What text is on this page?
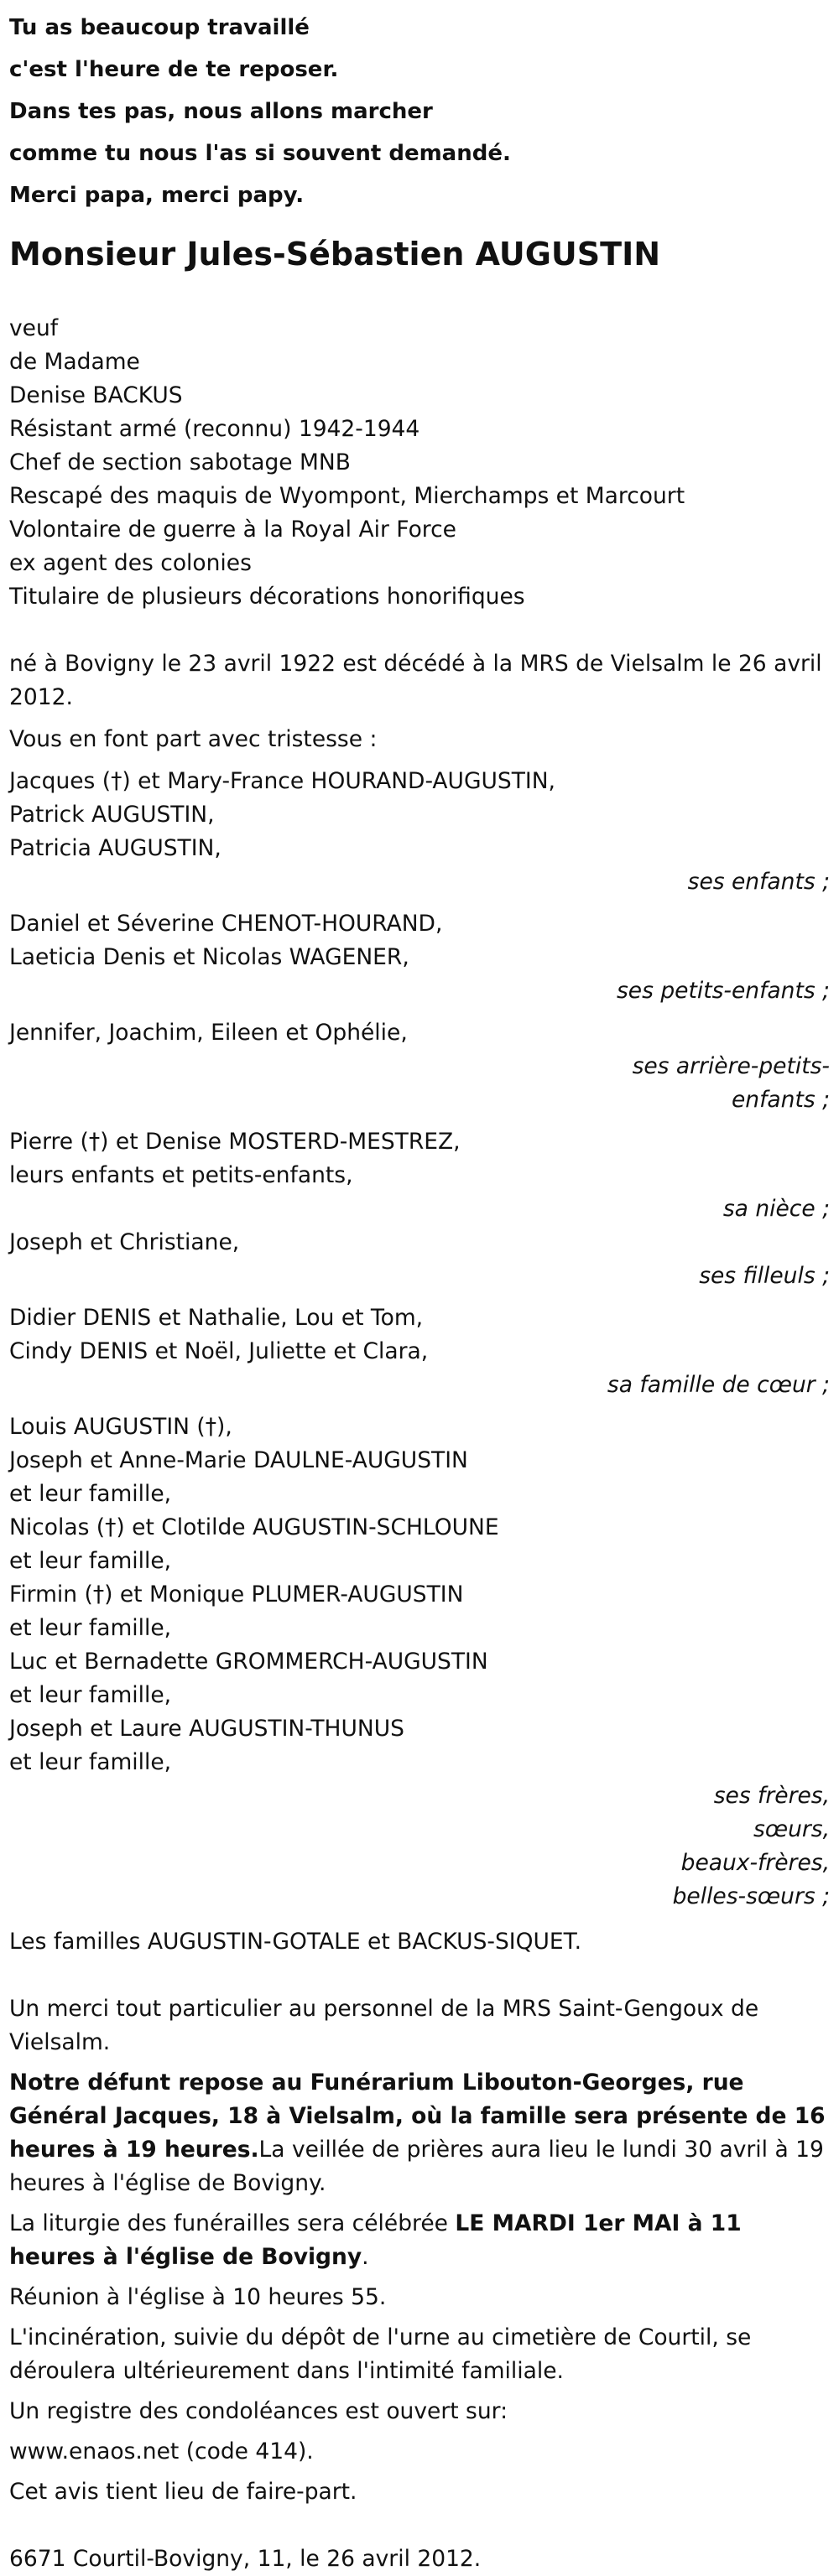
Tu as beaucoup travaillé
c'est l'heure de te reposer.
Dans tes pas, nous allons marcher
comme tu nous l'as si souvent demandé.
Merci papa, merci papy.
Monsieur Jules-Sébastien AUGUSTIN
veuf
de Madame
Denise BACKUS
Résistant armé (reconnu) 1942-1944
Chef de section sabotage MNB
Rescapé des maquis de Wyompont, Mierchamps et Marcourt
Volontaire de guerre à la Royal Air Force
ex agent des colonies
Titulaire de plusieurs décorations honorifiques
né à Bovigny le 23 avril 1922 est décédé à la MRS de Vielsalm le 26 avril 2012.
Vous en font part avec tristesse :
Jacques (†) et Mary-France HOURAND-AUGUSTIN,
Patrick AUGUSTIN,
Patricia AUGUSTIN,
ses enfants ;
Daniel et Séverine CHENOT-HOURAND,
Laeticia Denis et Nicolas WAGENER,
ses petits-enfants ;
Jennifer, Joachim, Eileen et Ophélie,
ses arrière-petits-enfants ;
Pierre (†) et Denise MOSTERD-MESTREZ,
leurs enfants et petits-enfants,
sa nièce ;
Joseph et Christiane,
ses filleuls ;
Didier DENIS et Nathalie, Lou et Tom,
Cindy DENIS et Noël, Juliette et Clara,
sa famille de cœur ;
Louis AUGUSTIN (†),
Joseph et Anne-Marie DAULNE-AUGUSTIN
et leur famille,
Nicolas (†) et Clotilde AUGUSTIN-SCHLOUNE
et leur famille,
Firmin (†) et Monique PLUMER-AUGUSTIN
et leur famille,
Luc et Bernadette GROMMERCH-AUGUSTIN
et leur famille,
Joseph et Laure AUGUSTIN-THUNUS
et leur famille,
ses frères, sœurs,
beaux-frères,
belles-sœurs ;
Les familles AUGUSTIN-GOTALE et BACKUS-SIQUET.
Un merci tout particulier au personnel de la MRS Saint-Gengoux de Vielsalm.
Notre défunt repose au Funérarium Libouton-Georges, rue Général Jacques, 18 à Vielsalm, où la famille sera présente de 16 heures à 19 heures.La veillée de prières aura lieu le lundi 30 avril à 19 heures à l'église de Bovigny.
La liturgie des funérailles sera célébrée LE MARDI 1er MAI à 11 heures à l'église de Bovigny.
Réunion à l'église à 10 heures 55.
L'incinération, suivie du dépôt de l'urne au cimetière de Courtil, se déroulera ultérieurement dans l'intimité familiale.
Un registre des condoléances est ouvert sur:
www.enaos.net (code 414).
Cet avis tient lieu de faire-part.
6671 Courtil-Bovigny, 11, le 26 avril 2012.
